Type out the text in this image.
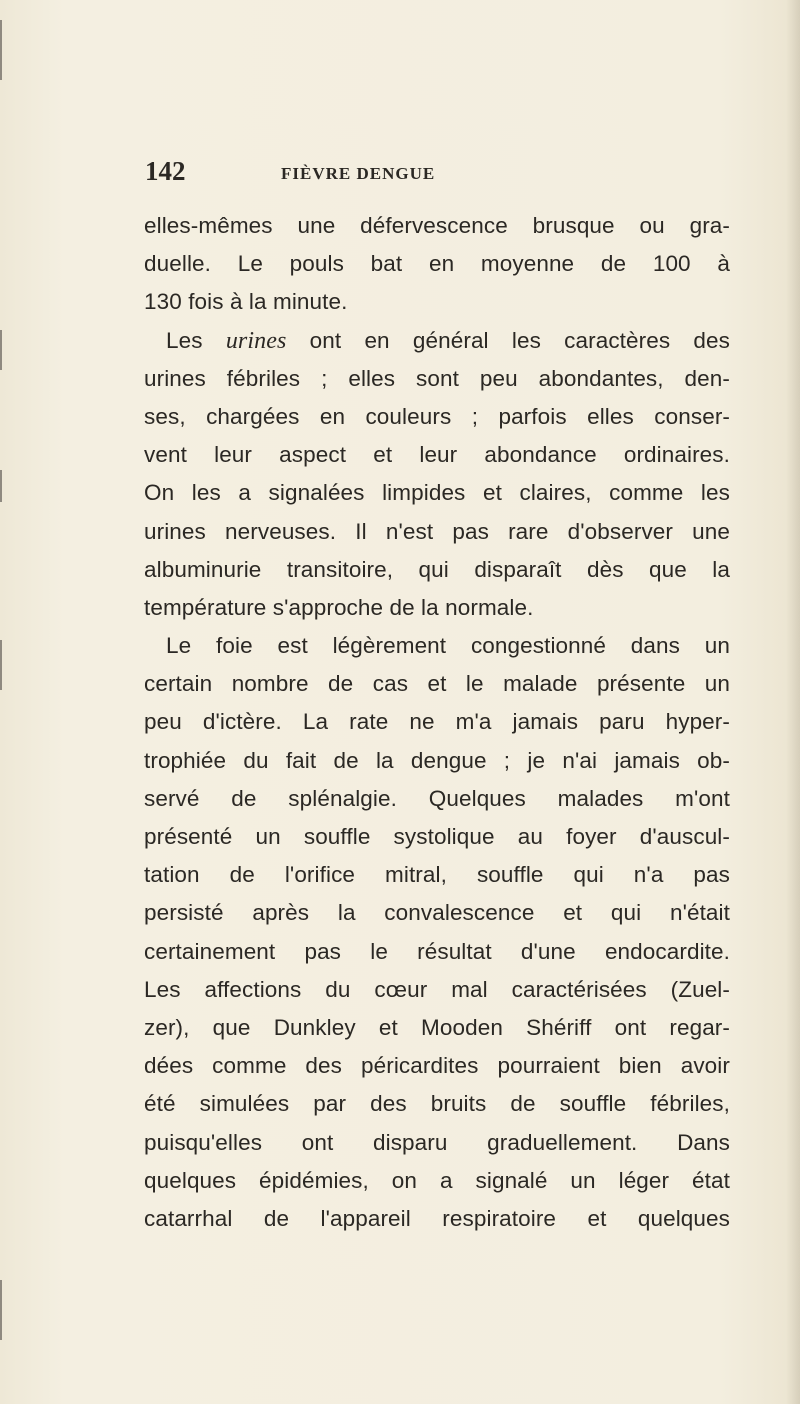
142	FIÈVRE DENGUE
elles-mêmes une défervescence brusque ou gra-
duelle. Le pouls bat en moyenne de 100 à
130 fois à la minute.
Les urines ont en général les caractères des
urines fébriles ; elles sont peu abondantes, den-
ses, chargées en couleurs ; parfois elles conser-
vent leur aspect et leur abondance ordinaires.
On les a signalées limpides et claires, comme les
urines nerveuses. Il n'est pas rare d'observer une
albuminurie transitoire, qui disparaît dès que la
température s'approche de la normale.
Le foie est légèrement congestionné dans un
certain nombre de cas et le malade présente un
peu d'ictère. La rate ne m'a jamais paru hyper-
trophiée du fait de la dengue ; je n'ai jamais ob-
servé de splénalgie. Quelques malades m'ont
présenté un souffle systolique au foyer d'auscul-
tation de l'orifice mitral, souffle qui n'a pas
persisté après la convalescence et qui n'était
certainement pas le résultat d'une endocardite.
Les affections du cœur mal caractérisées (Zuel-
zer), que Dunkley et Mooden Shériff ont regar-
dées comme des péricardites pourraient bien avoir
été simulées par des bruits de souffle fébriles,
puisqu'elles ont disparu graduellement. Dans
quelques épidémies, on a signalé un léger état
catarrhal de l'appareil respiratoire et quelques
